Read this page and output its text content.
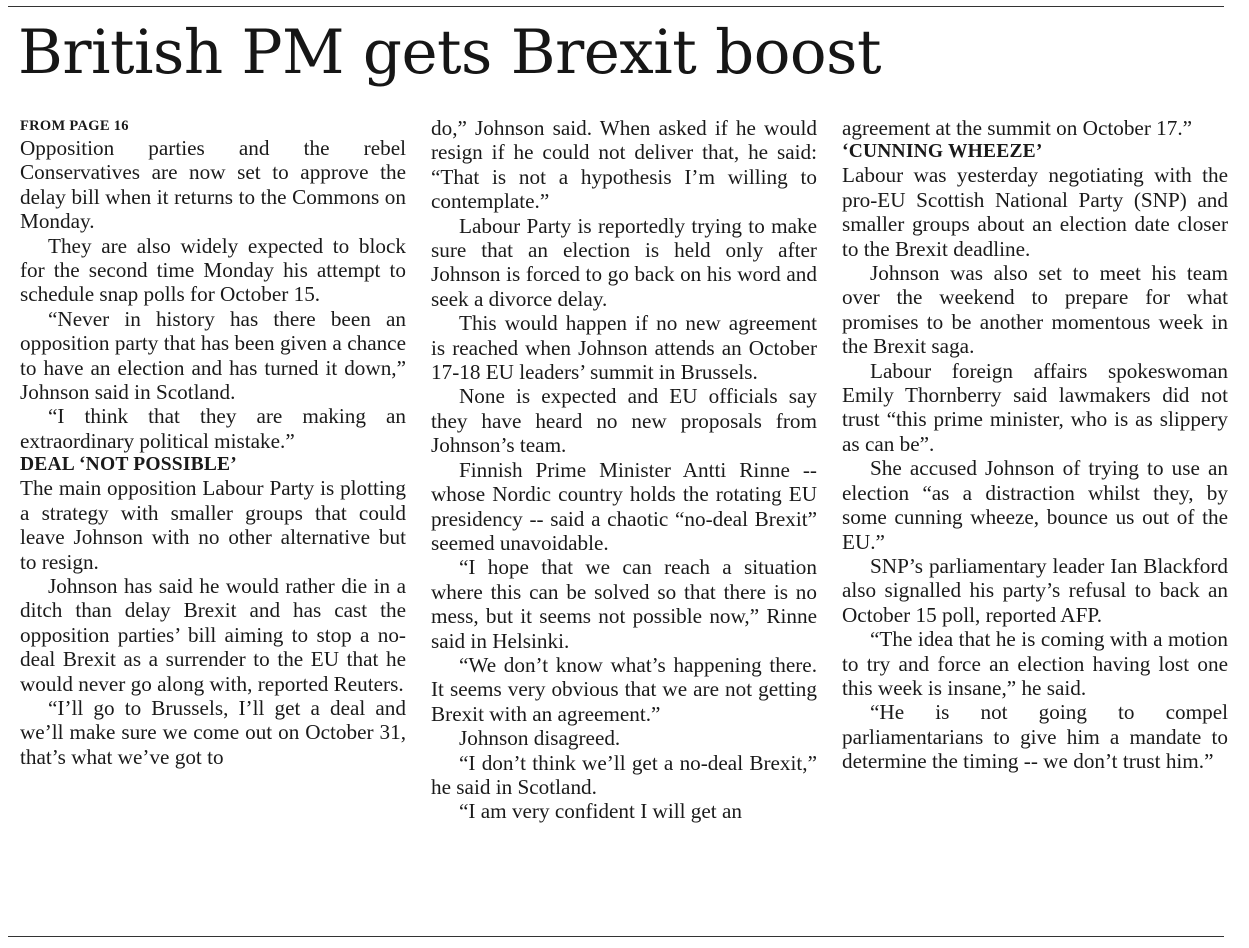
British PM gets Brexit boost
FROM PAGE 16

Opposition parties and the rebel Conservatives are now set to approve the delay bill when it returns to the Commons on Monday.

They are also widely expected to block for the second time Monday his attempt to schedule snap polls for October 15.

“Never in history has there been an opposition party that has been given a chance to have an election and has turned it down,” Johnson said in Scotland.

“I think that they are making an extraordinary political mistake.”

DEAL ‘NOT POSSIBLE’

The main opposition Labour Party is plotting a strategy with smaller groups that could leave Johnson with no other alternative but to resign.

Johnson has said he would rather die in a ditch than delay Brexit and has cast the opposition parties’ bill aiming to stop a no-deal Brexit as a surrender to the EU that he would never go along with, reported Reuters.

“I’ll go to Brussels, I’ll get a deal and we’ll make sure we come out on October 31, that’s what we’ve got to

do,” Johnson said. When asked if he would resign if he could not deliver that, he said: “That is not a hypothesis I’m willing to contemplate.”

Labour Party is reportedly trying to make sure that an election is held only after Johnson is forced to go back on his word and seek a divorce delay.

This would happen if no new agreement is reached when Johnson attends an October 17-18 EU leaders’ summit in Brussels.

None is expected and EU officials say they have heard no new proposals from Johnson’s team.

Finnish Prime Minister Antti Rinne -- whose Nordic country holds the rotating EU presidency -- said a chaotic “no-deal Brexit” seemed unavoidable.

“I hope that we can reach a situation where this can be solved so that there is no mess, but it seems not possible now,” Rinne said in Helsinki.

“We don’t know what’s happening there. It seems very obvious that we are not getting Brexit with an agreement.”

Johnson disagreed.

“I don’t think we’ll get a no-deal Brexit,” he said in Scotland.

“I am very confident I will get an

agreement at the summit on October 17.”

‘CUNNING WHEEZE’

Labour was yesterday negotiating with the pro-EU Scottish National Party (SNP) and smaller groups about an election date closer to the Brexit deadline.

Johnson was also set to meet his team over the weekend to prepare for what promises to be another momentous week in the Brexit saga.

Labour foreign affairs spokeswoman Emily Thornberry said lawmakers did not trust “this prime minister, who is as slippery as can be”.

She accused Johnson of trying to use an election “as a distraction whilst they, by some cunning wheeze, bounce us out of the EU.”

SNP’s parliamentary leader Ian Blackford also signalled his party’s refusal to back an October 15 poll, reported AFP.

“The idea that he is coming with a motion to try and force an election having lost one this week is insane,” he said.

“He is not going to compel parliamentarians to give him a mandate to determine the timing -- we don’t trust him.”
